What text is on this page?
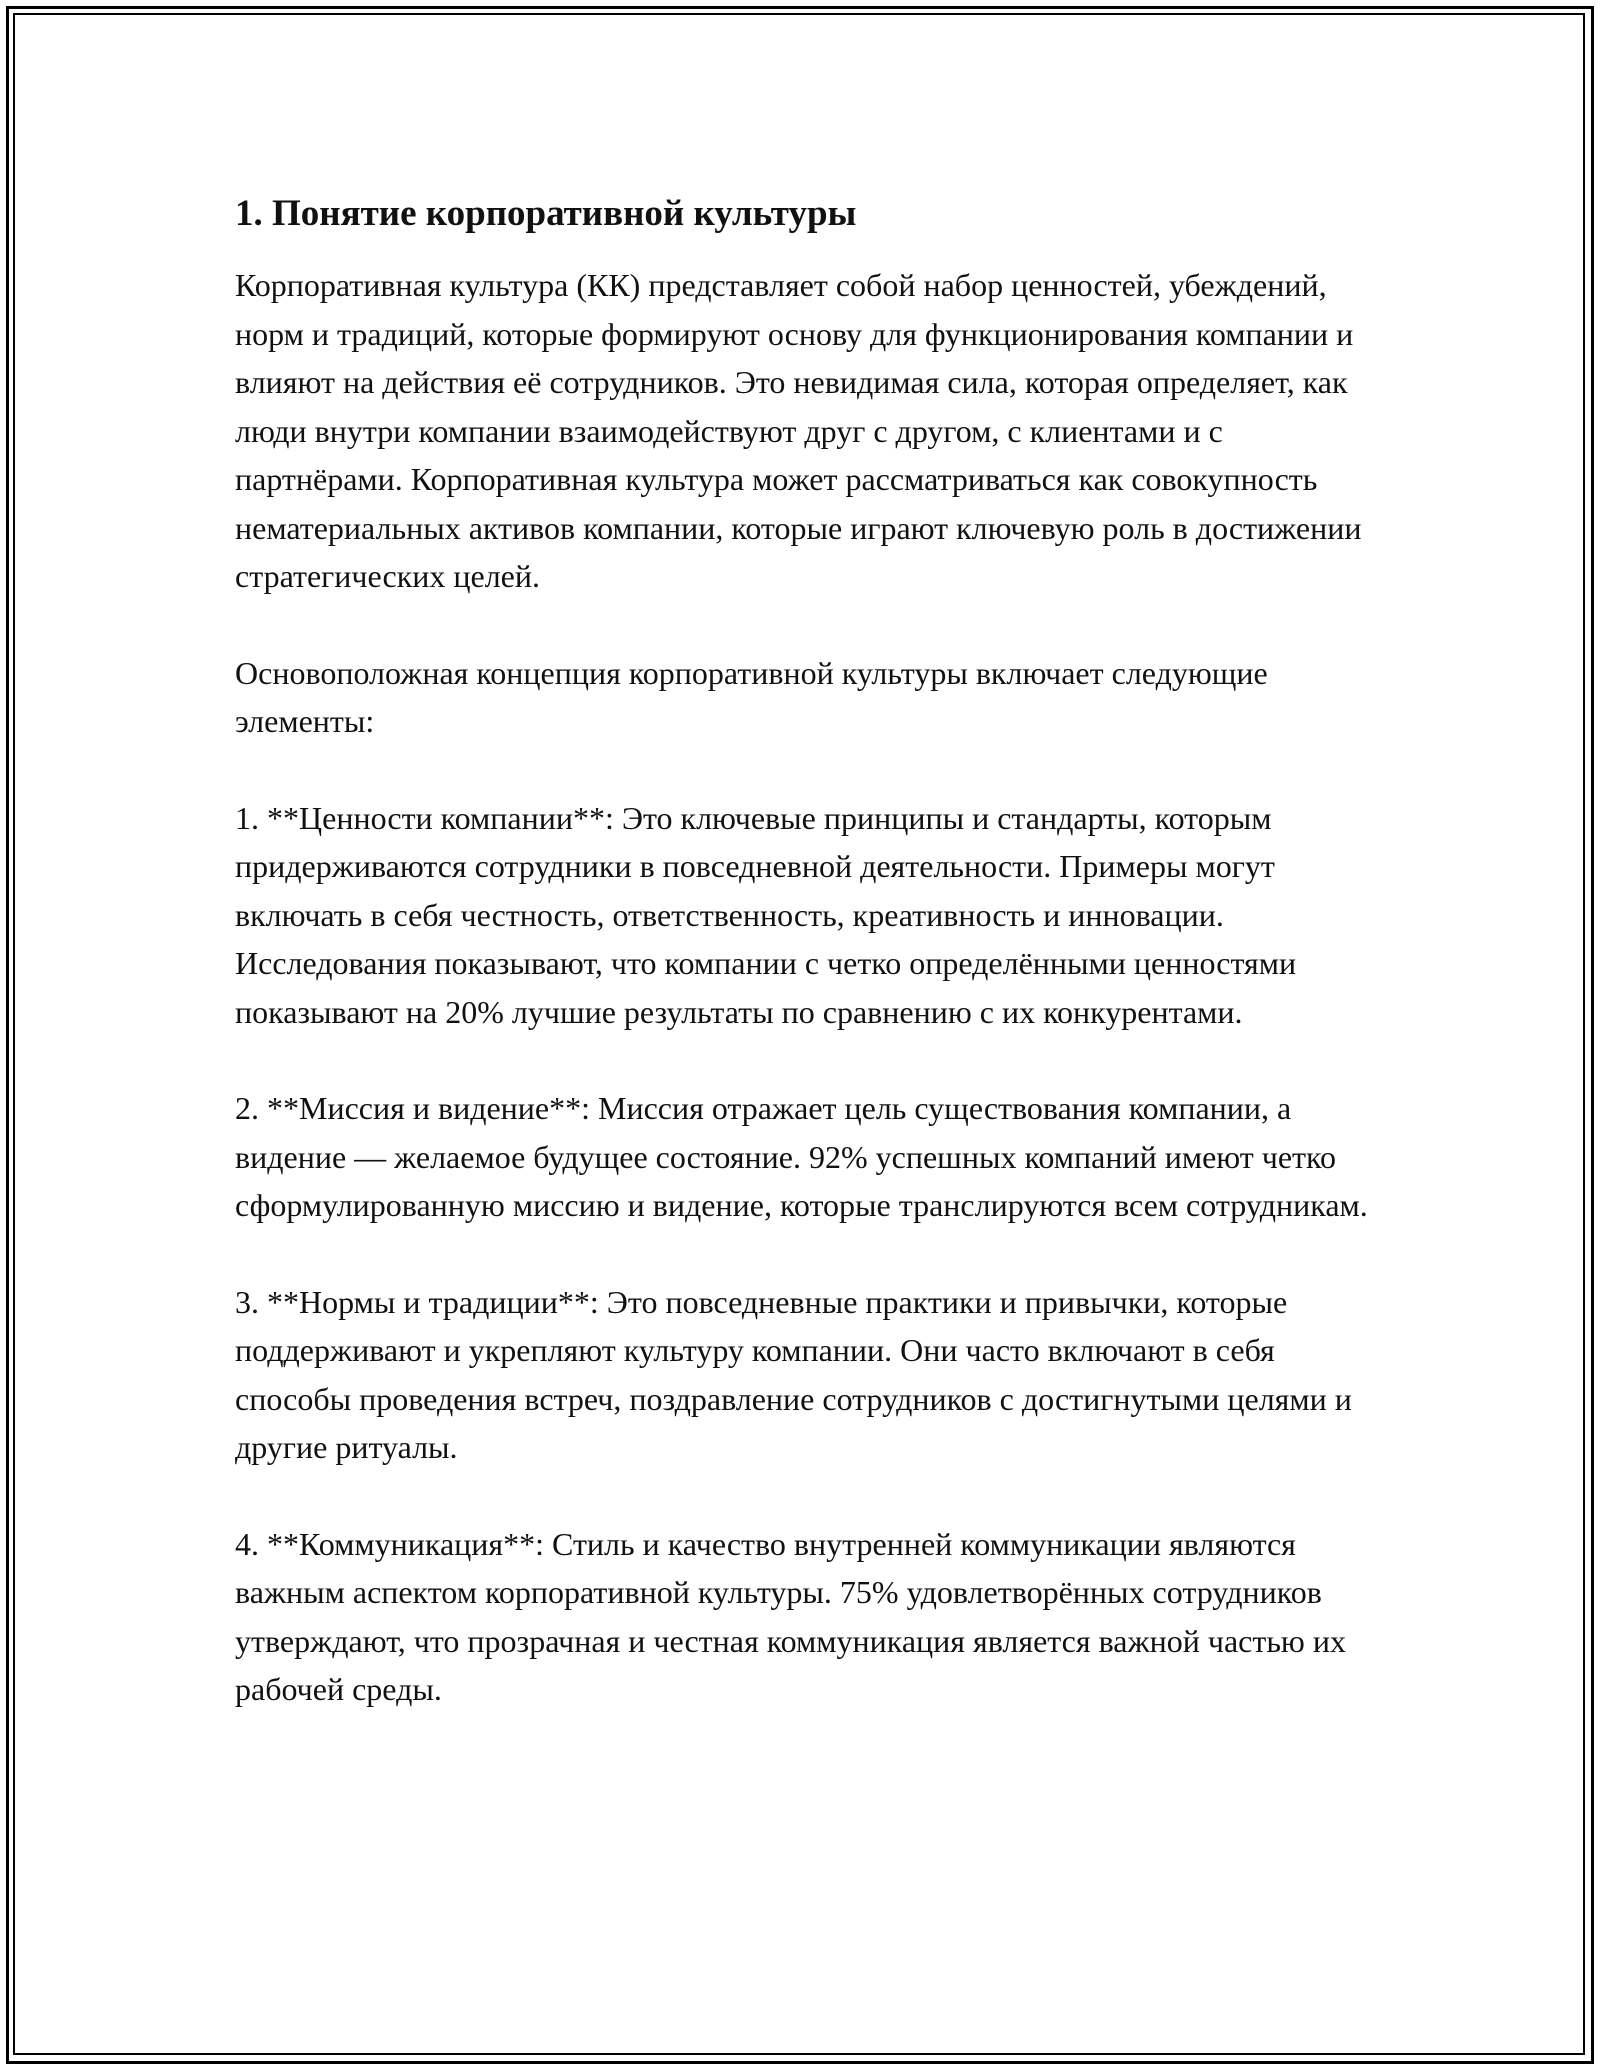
1. Понятие корпоративной культуры

Корпоративная культура (КК) представляет собой набор ценностей, убеждений, норм и традиций, которые формируют основу для функционирования компании и влияют на действия её сотрудников. Это невидимая сила, которая определяет, как люди внутри компании взаимодействуют друг с другом, с клиентами и с партнёрами. Корпоративная культура может рассматриваться как совокупность нематериальных активов компании, которые играют ключевую роль в достижении стратегических целей.

Основоположная концепция корпоративной культуры включает следующие элементы:

1. **Ценности компании**: Это ключевые принципы и стандарты, которым придерживаются сотрудники в повседневной деятельности. Примеры могут включать в себя честность, ответственность, креативность и инновации. Исследования показывают, что компании с четко определёнными ценностями показывают на 20% лучшие результаты по сравнению с их конкурентами.

2. **Миссия и видение**: Миссия отражает цель существования компании, а видение — желаемое будущее состояние. 92% успешных компаний имеют четко сформулированную миссию и видение, которые транслируются всем сотрудникам.

3. **Нормы и традиции**: Это повседневные практики и привычки, которые поддерживают и укрепляют культуру компании. Они часто включают в себя способы проведения встреч, поздравление сотрудников с достигнутыми целями и другие ритуалы.

4. **Коммуникация**: Стиль и качество внутренней коммуникации являются важным аспектом корпоративной культуры. 75% удовлетворённых сотрудников утверждают, что прозрачная и честная коммуникация является важной частью их рабочей среды.
